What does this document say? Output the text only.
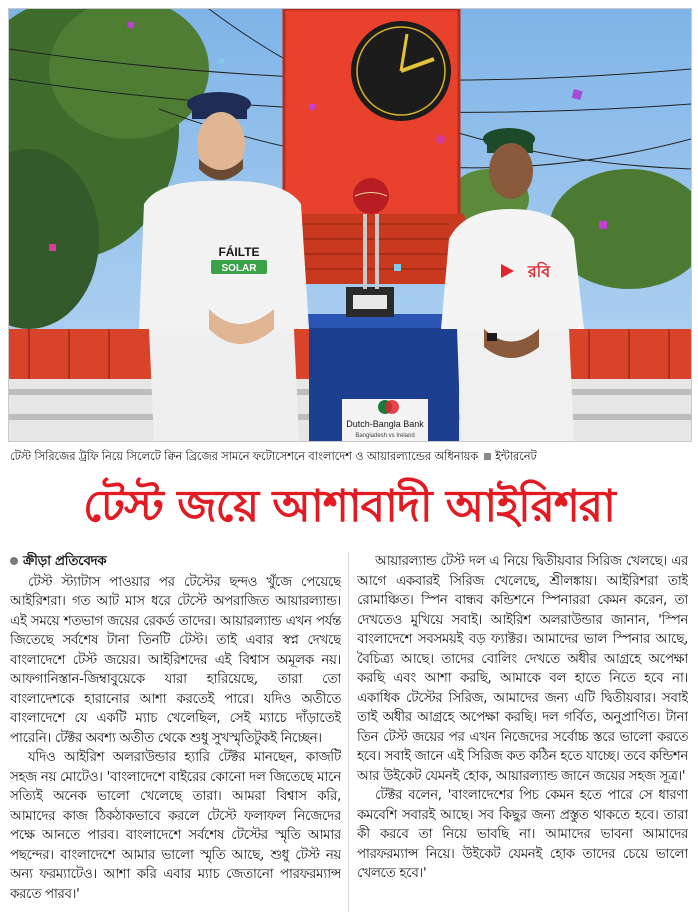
Dutch-Bangla Bank
Bangladesh vs Ireland
FÁILTE
SOLAR	রবি
টেস্ট সিরিজের ট্রফি নিয়ে সিলেটে ক্বিন ব্রিজের সামনে ফটোসেশনে বাংলাদেশ ও আয়ারল্যান্ডের অধিনায়ক ইন্টারনেট
টেস্ট জয়ে আশাবাদী আইরিশরা
ক্রীড়া প্রতিবেদক

টেস্ট স্ট্যাটাস পাওয়ার পর টেস্টের ছন্দও খুঁজে পেয়েছে আইরিশরা। গত আট মাস ধরে টেস্টে অপরাজিত আয়ারল্যান্ড। এই সময়ে শতভাগ জয়ের রেকর্ড তাদের। আয়ারল্যান্ড এখন পর্যন্ত জিতেছে সর্বশেষ টানা তিনটি টেস্ট। তাই এবার স্বপ্ন দেখছে বাংলাদেশে টেস্ট জয়ের। আইরিশদের এই বিশ্বাস অমূলক নয়। আফগানিস্তান-জিম্বাবুয়েকে যারা হারিয়েছে, তারা তো বাংলাদেশকে হারানোর আশা করতেই পারে। যদিও অতীতে বাংলাদেশে যে একটি ম্যাচ খেলেছিল, সেই ম্যাচে দাঁড়াতেই পারেনি। টেক্টর অবশ্য অতীত থেকে শুধু সুখস্মৃতিটুকই নিচ্ছেন।

যদিও আইরিশ অলরাউন্ডার হ্যারি টেক্টর মানছেন, কাজটি সহজ নয় মোটেও। 'বাংলাদেশে বাইরের কোনো দল জিতেছে মানে সত্যিই অনেক ভালো খেলেছে তারা। আমরা বিশ্বাস করি, আমাদের কাজ ঠিকঠাকভাবে করলে টেস্টে ফলাফল নিজেদের পক্ষে আনতে পারব। বাংলাদেশে সর্বশেষ টেস্টের স্মৃতি আমার পছন্দের। বাংলাদেশে আমার ভালো স্মৃতি আছে, শুধু টেস্ট নয় অন্য ফরম্যাটেও। আশা করি এবার ম্যাচ জেতানো পারফরম্যান্স করতে পারব।'

আয়ারল্যান্ড টেস্ট দল এ নিয়ে দ্বিতীয়বার সিরিজ খেলছে। এর আগে একবারই সিরিজ খেলেছে, শ্রীলঙ্কায়। আইরিশরা তাই রোমাঞ্চিত। স্পিন বান্ধব কন্ডিশনে স্পিনাররা কেমন করেন, তা দেখতেও মুখিয়ে সবাই। আইরিশ অলরাউন্ডার জানান, 'স্পিন বাংলাদেশে সবসময়ই বড় ফ্যাক্টর। আমাদের ভাল স্পিনার আছে, বৈচিত্র্য আছে। তাদের বোলিং দেখতে অধীর আগ্রহে অপেক্ষা করছি এবং আশা করছি, আমাকে বল হাতে নিতে হবে না। একাধিক টেস্টের সিরিজ, আমাদের জন্য এটি দ্বিতীয়বার। সবাই তাই অধীর আগ্রহে অপেক্ষা করছি। দল গর্বিত, অনুপ্রাণিত। টানা তিন টেস্ট জয়ের পর এখন নিজেদের সর্বোচ্চ স্তরে ভালো করতে হবে। সবাই জানে এই সিরিজ কত কঠিন হতে যাচ্ছে। তবে কন্ডিশন আর উইকেট যেমনই হোক, আয়ারল্যান্ড জানে জয়ের সহজ সূত্র।'

টেক্টর বলেন, 'বাংলাদেশের পিচ কেমন হতে পারে সে ধারণা কমবেশি সবারই আছে। সব কিছুর জন্য প্রস্তুত থাকতে হবে। তারা কী করবে তা নিয়ে ভাবছি না। আমাদের ভাবনা আমাদের পারফরম্যান্স নিয়ে। উইকেট যেমনই হোক তাদের চেয়ে ভালো খেলতে হবে।'
